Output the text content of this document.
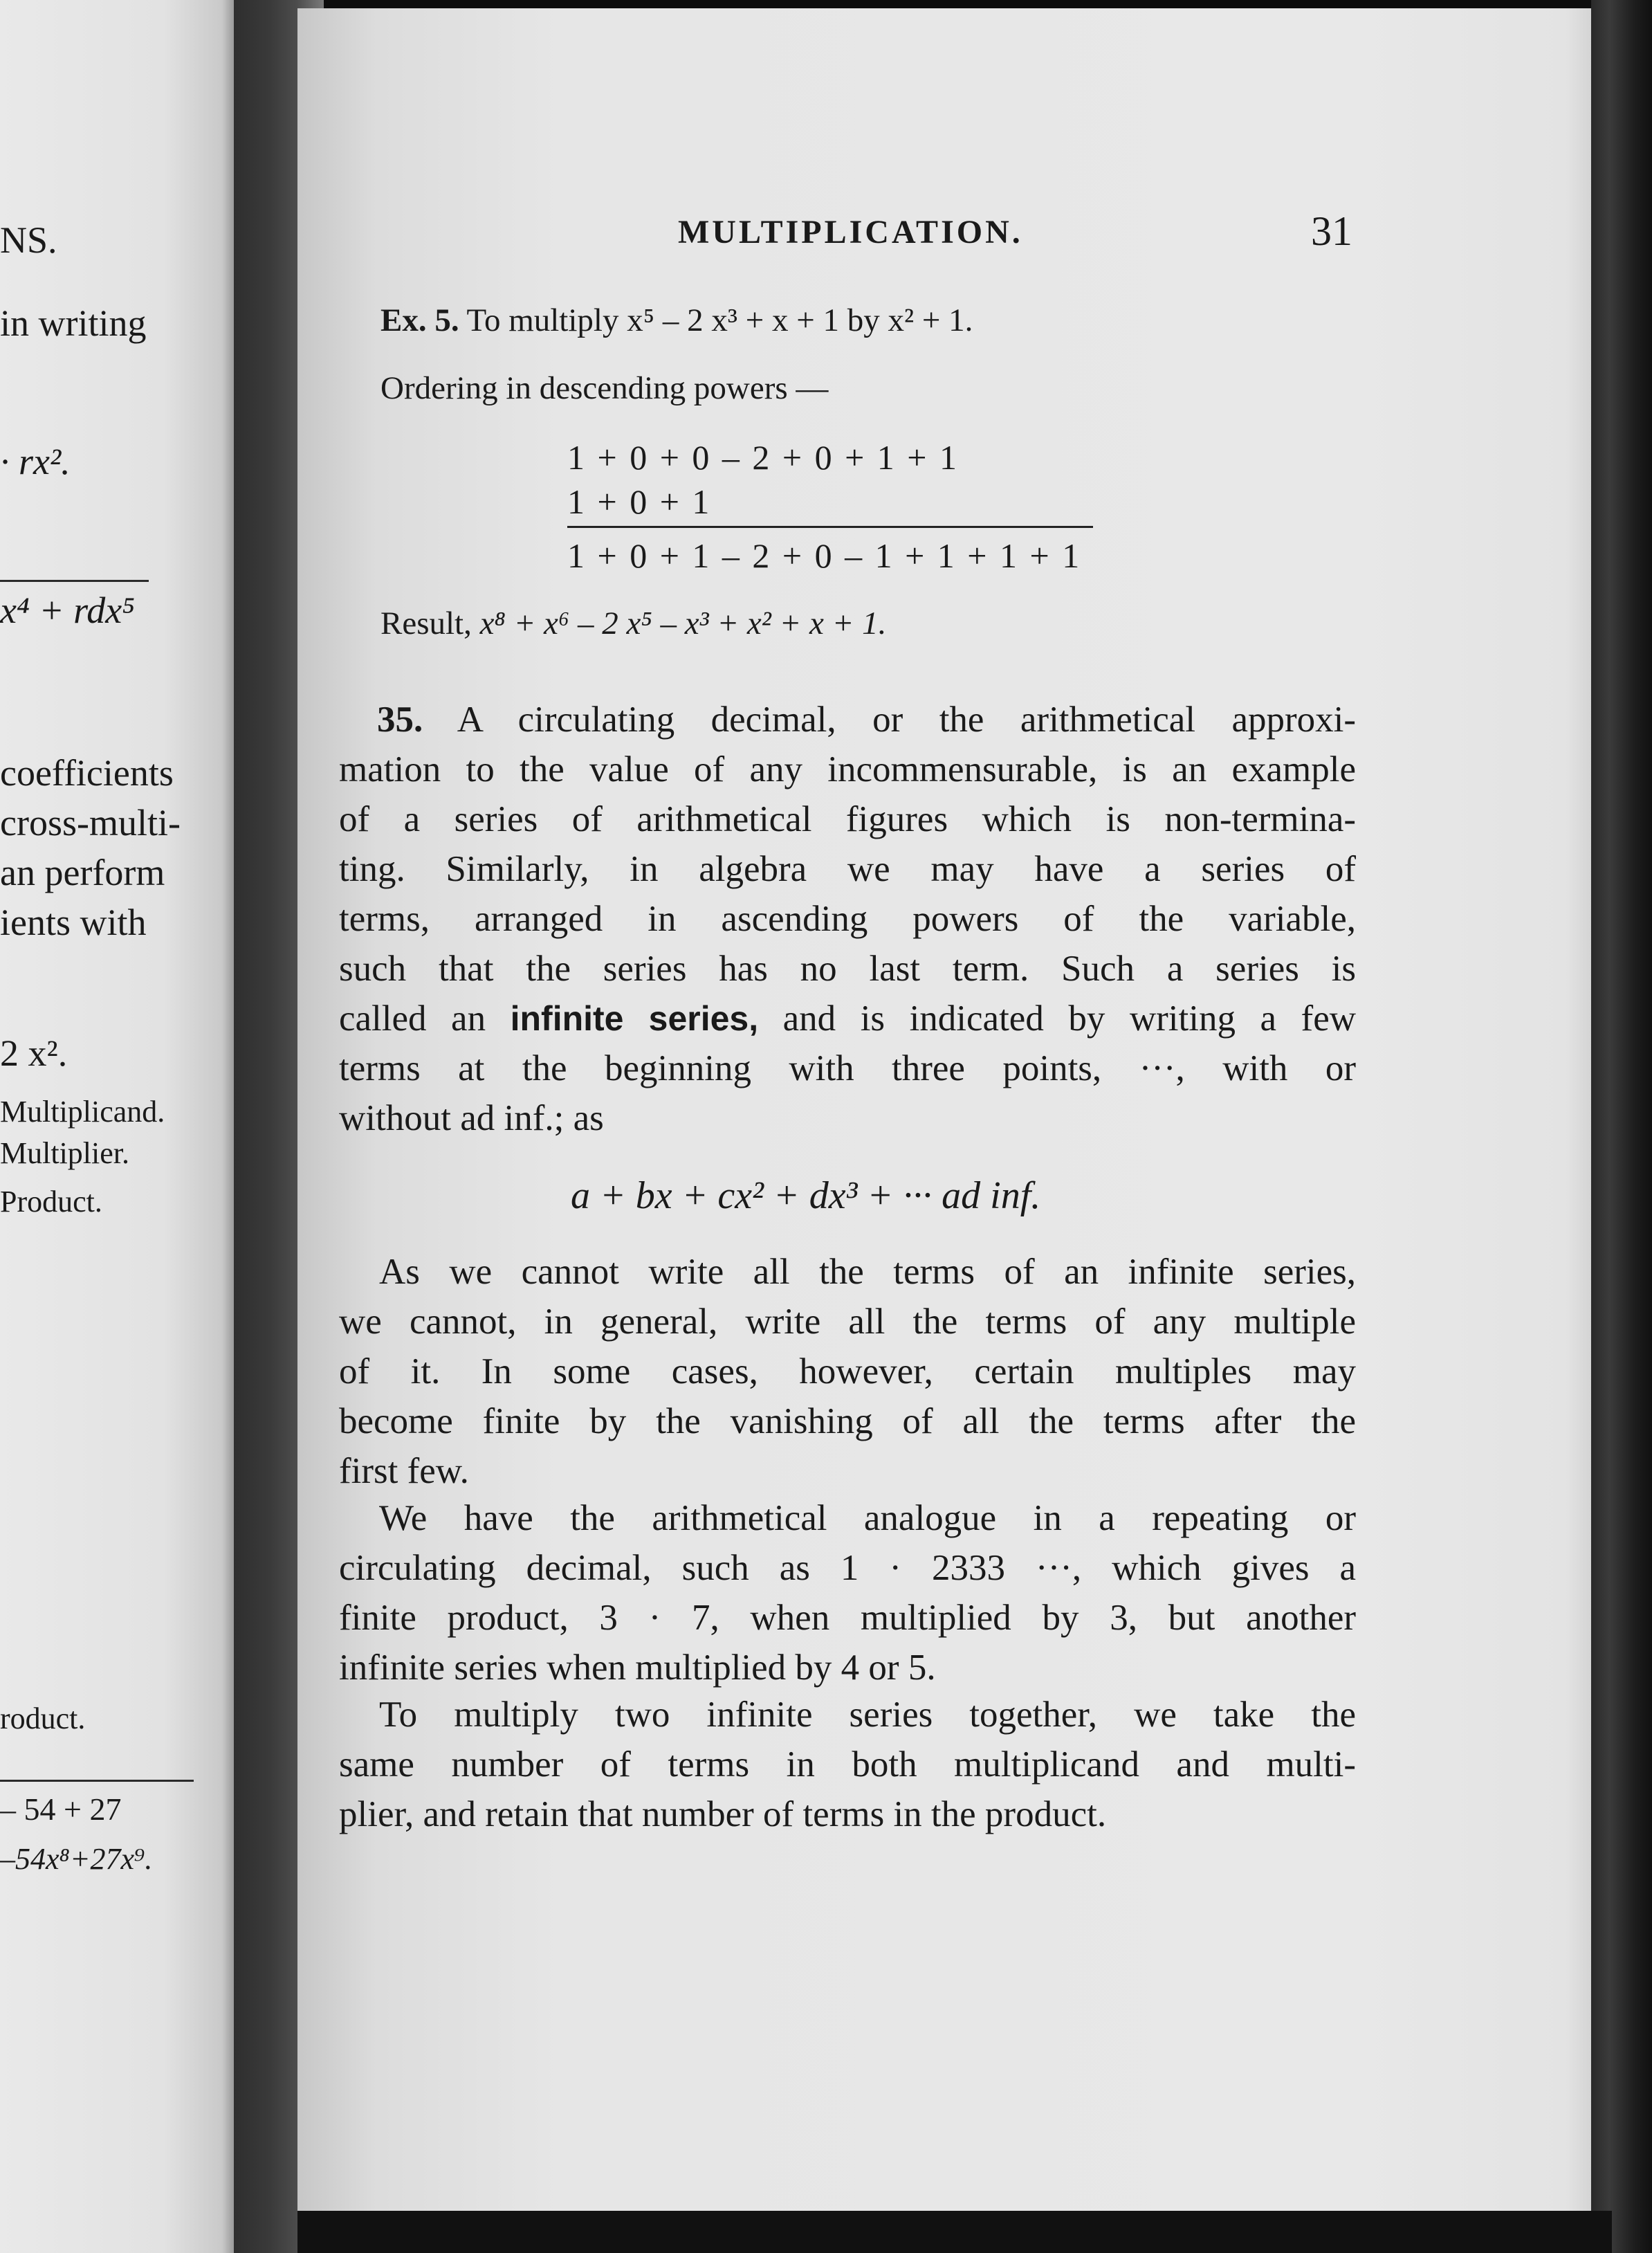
NS.
in writing
· rx².
x⁴ + rdx⁵
coefficients
cross-multi-
an perform
ients with
2 x².
Multiplicand.
Multiplier.
Product.
roduct.
– 54 + 27
–54x⁸+27x⁹.
MULTIPLICATION.	31
Ex. 5. To multiply x⁵ – 2 x³ + x + 1 by x² + 1.
Ordering in descending powers —
1 + 0 + 0 – 2 + 0 + 1 + 1
1 + 0 + 1
1 + 0 + 1 – 2 + 0 – 1 + 1 + 1 + 1
Result, x⁸ + x⁶ – 2 x⁵ – x³ + x² + x + 1.
35. A circulating decimal, or the arithmetical approxi-
mation to the value of any incommensurable, is an example
of a series of arithmetical figures which is non-termina-
ting. Similarly, in algebra we may have a series of
terms, arranged in ascending powers of the variable,
such that the series has no last term. Such a series is
called an infinite series, and is indicated by writing a few
terms at the beginning with three points, ···, with or
without ad inf.; as
a + bx + cx² + dx³ + ··· ad inf.
As we cannot write all the terms of an infinite series,
we cannot, in general, write all the terms of any multiple
of it. In some cases, however, certain multiples may
become finite by the vanishing of all the terms after the
first few.
We have the arithmetical analogue in a repeating or
circulating decimal, such as 1 · 2333 ···, which gives a
finite product, 3 · 7, when multiplied by 3, but another
infinite series when multiplied by 4 or 5.
To multiply two infinite series together, we take the
same number of terms in both multiplicand and multi-
plier, and retain that number of terms in the product.
